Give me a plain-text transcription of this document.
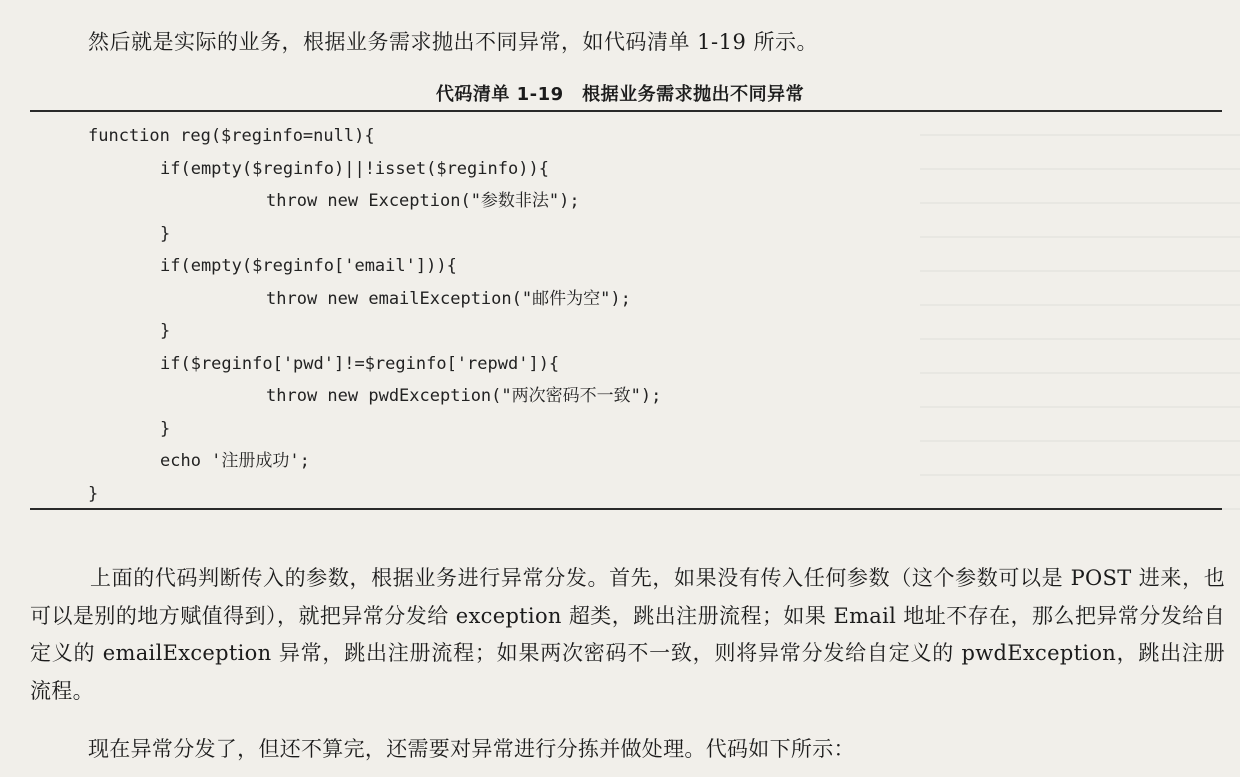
然后就是实际的业务，根据业务需求抛出不同异常，如代码清单 1-19 所示。
代码清单 1-19　根据业务需求抛出不同异常
function reg($reginfo=null){
if(empty($reginfo)||!isset($reginfo)){
throw new Exception("参数非法");
}
if(empty($reginfo['email'])){
throw new emailException("邮件为空");
}
if($reginfo['pwd']!=$reginfo['repwd']){
throw new pwdException("两次密码不一致");
}
echo '注册成功';
}

上面的代码判断传入的参数，根据业务进行异常分发。首先，如果没有传入任何参数（这个参数可以是 POST 进来，也可以是别的地方赋值得到），就把异常分发给 exception 超类，跳出注册流程；如果 Email 地址不存在，那么把异常分发给自定义的 emailException 异常，跳出注册流程；如果两次密码不一致，则将异常分发给自定义的 pwdException，跳出注册流程。

现在异常分发了，但还不算完，还需要对异常进行分拣并做处理。代码如下所示：
